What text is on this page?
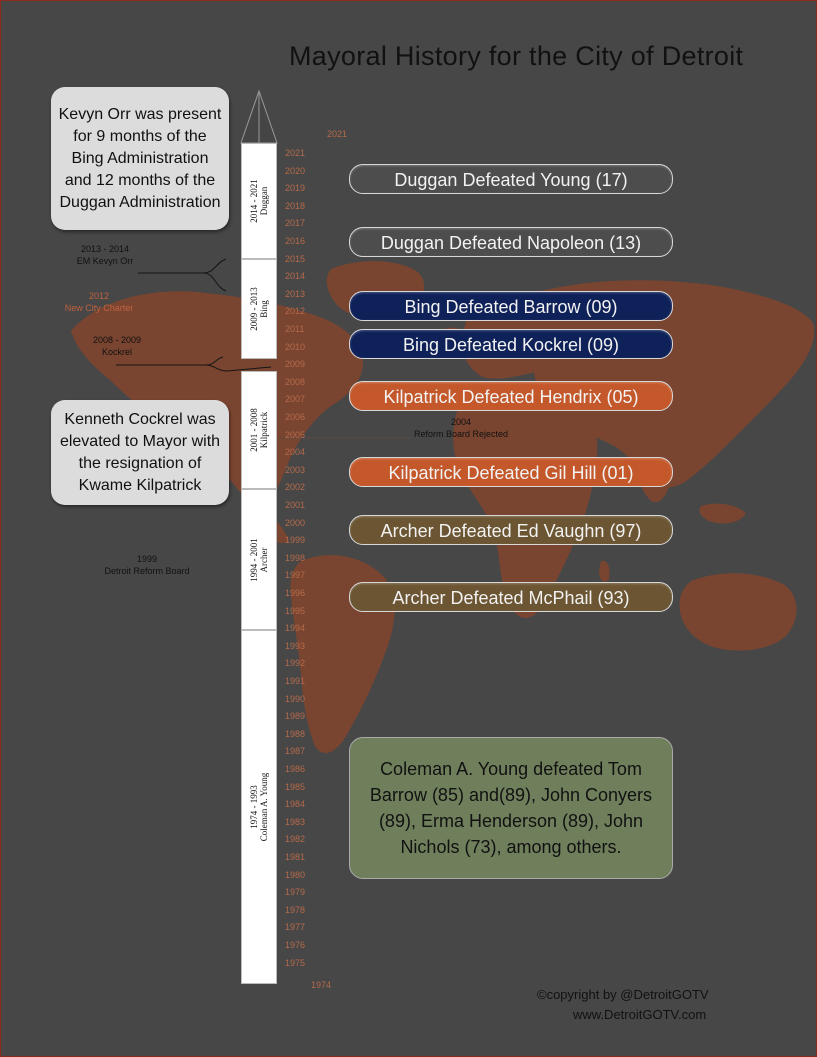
Mayoral History for the City of Detroit
Kevyn Orr was present for 9 months of the Bing Administration and 12 months of the Duggan Administration
Kenneth Cockrel was elevated to Mayor with the resignation of Kwame Kilpatrick
2014 - 2021
Duggan
2009 - 2013
Bing
2001 - 2008
Kilpatrick
1994 - 2001
Archer
1974 - 1993
Coleman A. Young
2021
2021
2020
2019
2018
2017
2016
2015
2014
2013
2012
2011
2010
2009
2008
2007
2006
2005
2004
2003
2002
2001
2000
1999
1998
1997
1996
1995
1994
1993
1992
1991
1990
1989
1988
1987
1986
1985
1984
1983
1982
1981
1980
1979
1978
1977
1976
1975
1974
2013 - 2014
EM Kevyn Orr
2012
New City Charter
2008 - 2009
Kockrel
2004
Reform Board Rejected
1999
Detroit Reform Board
Duggan Defeated Young (17)
Duggan Defeated Napoleon (13)
Bing Defeated Barrow (09)
Bing Defeated Kockrel (09)
Kilpatrick Defeated Hendrix (05)
Kilpatrick Defeated Gil Hill (01)
Archer Defeated Ed Vaughn (97)
Archer Defeated McPhail (93)
Coleman A. Young defeated Tom Barrow (85) and(89), John Conyers (89), Erma Henderson (89), John Nichols (73), among others.
©copyright by @DetroitGOTV
www.DetroitGOTV.com
